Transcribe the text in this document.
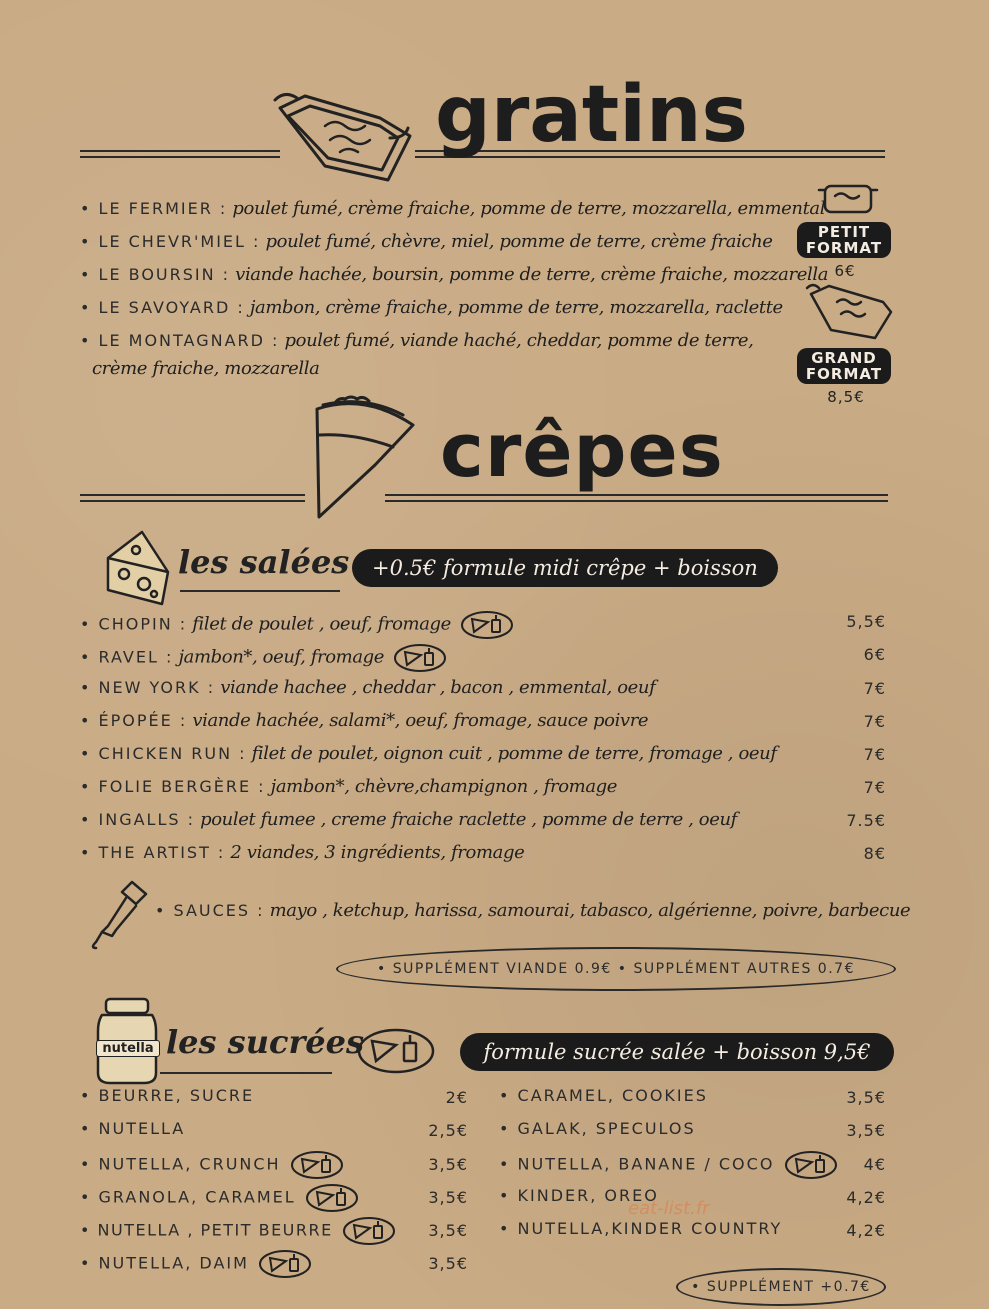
gratins
• LE FERMIER : poulet fumé, crème fraiche, pomme de terre, mozzarella, emmental
• LE CHEVR'MIEL : poulet fumé, chèvre, miel, pomme de terre, crème fraiche
• LE BOURSIN : viande hachée, boursin, pomme de terre, crème fraiche, mozzarella
• LE SAVOYARD : jambon, crème fraiche, pomme de terre, mozzarella, raclette
• LE MONTAGNARD : poulet fumé, viande haché, cheddar, pomme de terre,
crème fraiche, mozzarella
PETIT
FORMAT
6€
GRAND
FORMAT
8,5€
crêpes
les salées	+0.5€ formule midi crêpe + boisson
• CHOPIN : filet de poulet , oeuf, fromage	5,5€
• RAVEL : jambon*, oeuf, fromage	6€
• NEW YORK : viande hachee , cheddar , bacon , emmental, oeuf	7€
• ÉPOPÉE : viande hachée, salami*, oeuf, fromage, sauce poivre	7€
• CHICKEN RUN : filet de poulet, oignon cuit , pomme de terre, fromage , oeuf	7€
• FOLIE BERGÈRE : jambon*, chèvre,champignon , fromage	7€
• INGALLS : poulet fumee , creme fraiche raclette , pomme de terre , oeuf	7.5€
• THE ARTIST : 2 viandes, 3 ingrédients, fromage	8€
• SAUCES : mayo , ketchup, harissa, samourai, tabasco, algérienne, poivre, barbecue
• SUPPLÉMENT VIANDE 0.9€ • SUPPLÉMENT AUTRES 0.7€
nutella les sucrées	formule sucrée salée + boisson 9,5€
• BEURRE, SUCRE	2€
• NUTELLA	2,5€
• NUTELLA, CRUNCH	3,5€
• GRANOLA, CARAMEL	3,5€
• NUTELLA , PETIT BEURRE	3,5€
• NUTELLA, DAIM	3,5€
• CARAMEL, COOKIES	3,5€
• GALAK, SPECULOS	3,5€
• NUTELLA, BANANE / COCO	4€
• KINDER, OREO	4,2€
• NUTELLA,KINDER COUNTRY	4,2€
eat-list.fr
• SUPPLÉMENT +0.7€
